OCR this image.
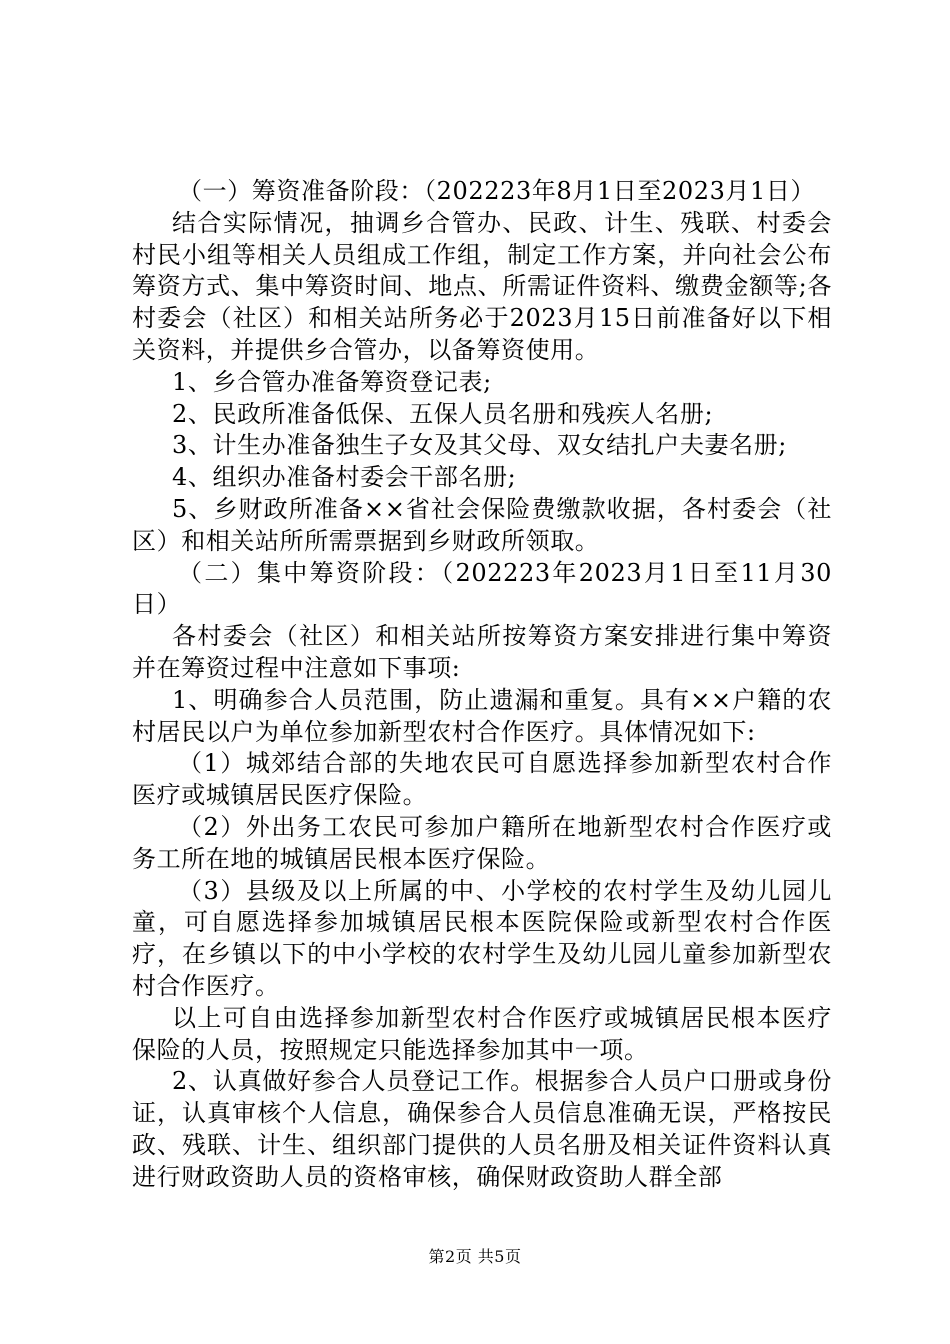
（一）筹资准备阶段：（202223年8月1日至2023月1日）

结合实际情况，抽调乡合管办、民政、计生、残联、村委会村民小组等相关人员组成工作组，制定工作方案，并向社会公布筹资方式、集中筹资时间、地点、所需证件资料、缴费金额等;各村委会（社区）和相关站所务必于2023月15日前准备好以下相关资料，并提供乡合管办，以备筹资使用。

1、乡合管办准备筹资登记表;

2、民政所准备低保、五保人员名册和残疾人名册;

3、计生办准备独生子女及其父母、双女结扎户夫妻名册;

4、组织办准备村委会干部名册;

5、乡财政所准备××省社会保险费缴款收据，各村委会（社区）和相关站所所需票据到乡财政所领取。

（二）集中筹资阶段：（202223年2023月1日至11月30日）

各村委会（社区）和相关站所按筹资方案安排进行集中筹资并在筹资过程中注意如下事项:

1、明确参合人员范围，防止遗漏和重复。具有××户籍的农村居民以户为单位参加新型农村合作医疗。具体情况如下:

（1）城郊结合部的失地农民可自愿选择参加新型农村合作医疗或城镇居民医疗保险。

（2）外出务工农民可参加户籍所在地新型农村合作医疗或务工所在地的城镇居民根本医疗保险。

（3）县级及以上所属的中、小学校的农村学生及幼儿园儿童，可自愿选择参加城镇居民根本医院保险或新型农村合作医疗，在乡镇以下的中小学校的农村学生及幼儿园儿童参加新型农村合作医疗。

以上可自由选择参加新型农村合作医疗或城镇居民根本医疗保险的人员，按照规定只能选择参加其中一项。

2、认真做好参合人员登记工作。根据参合人员户口册或身份证，认真审核个人信息，确保参合人员信息准确无误，严格按民政、残联、计生、组织部门提供的人员名册及相关证件资料认真进行财政资助人员的资格审核，确保财政资助人群全部

第2页 共5页
